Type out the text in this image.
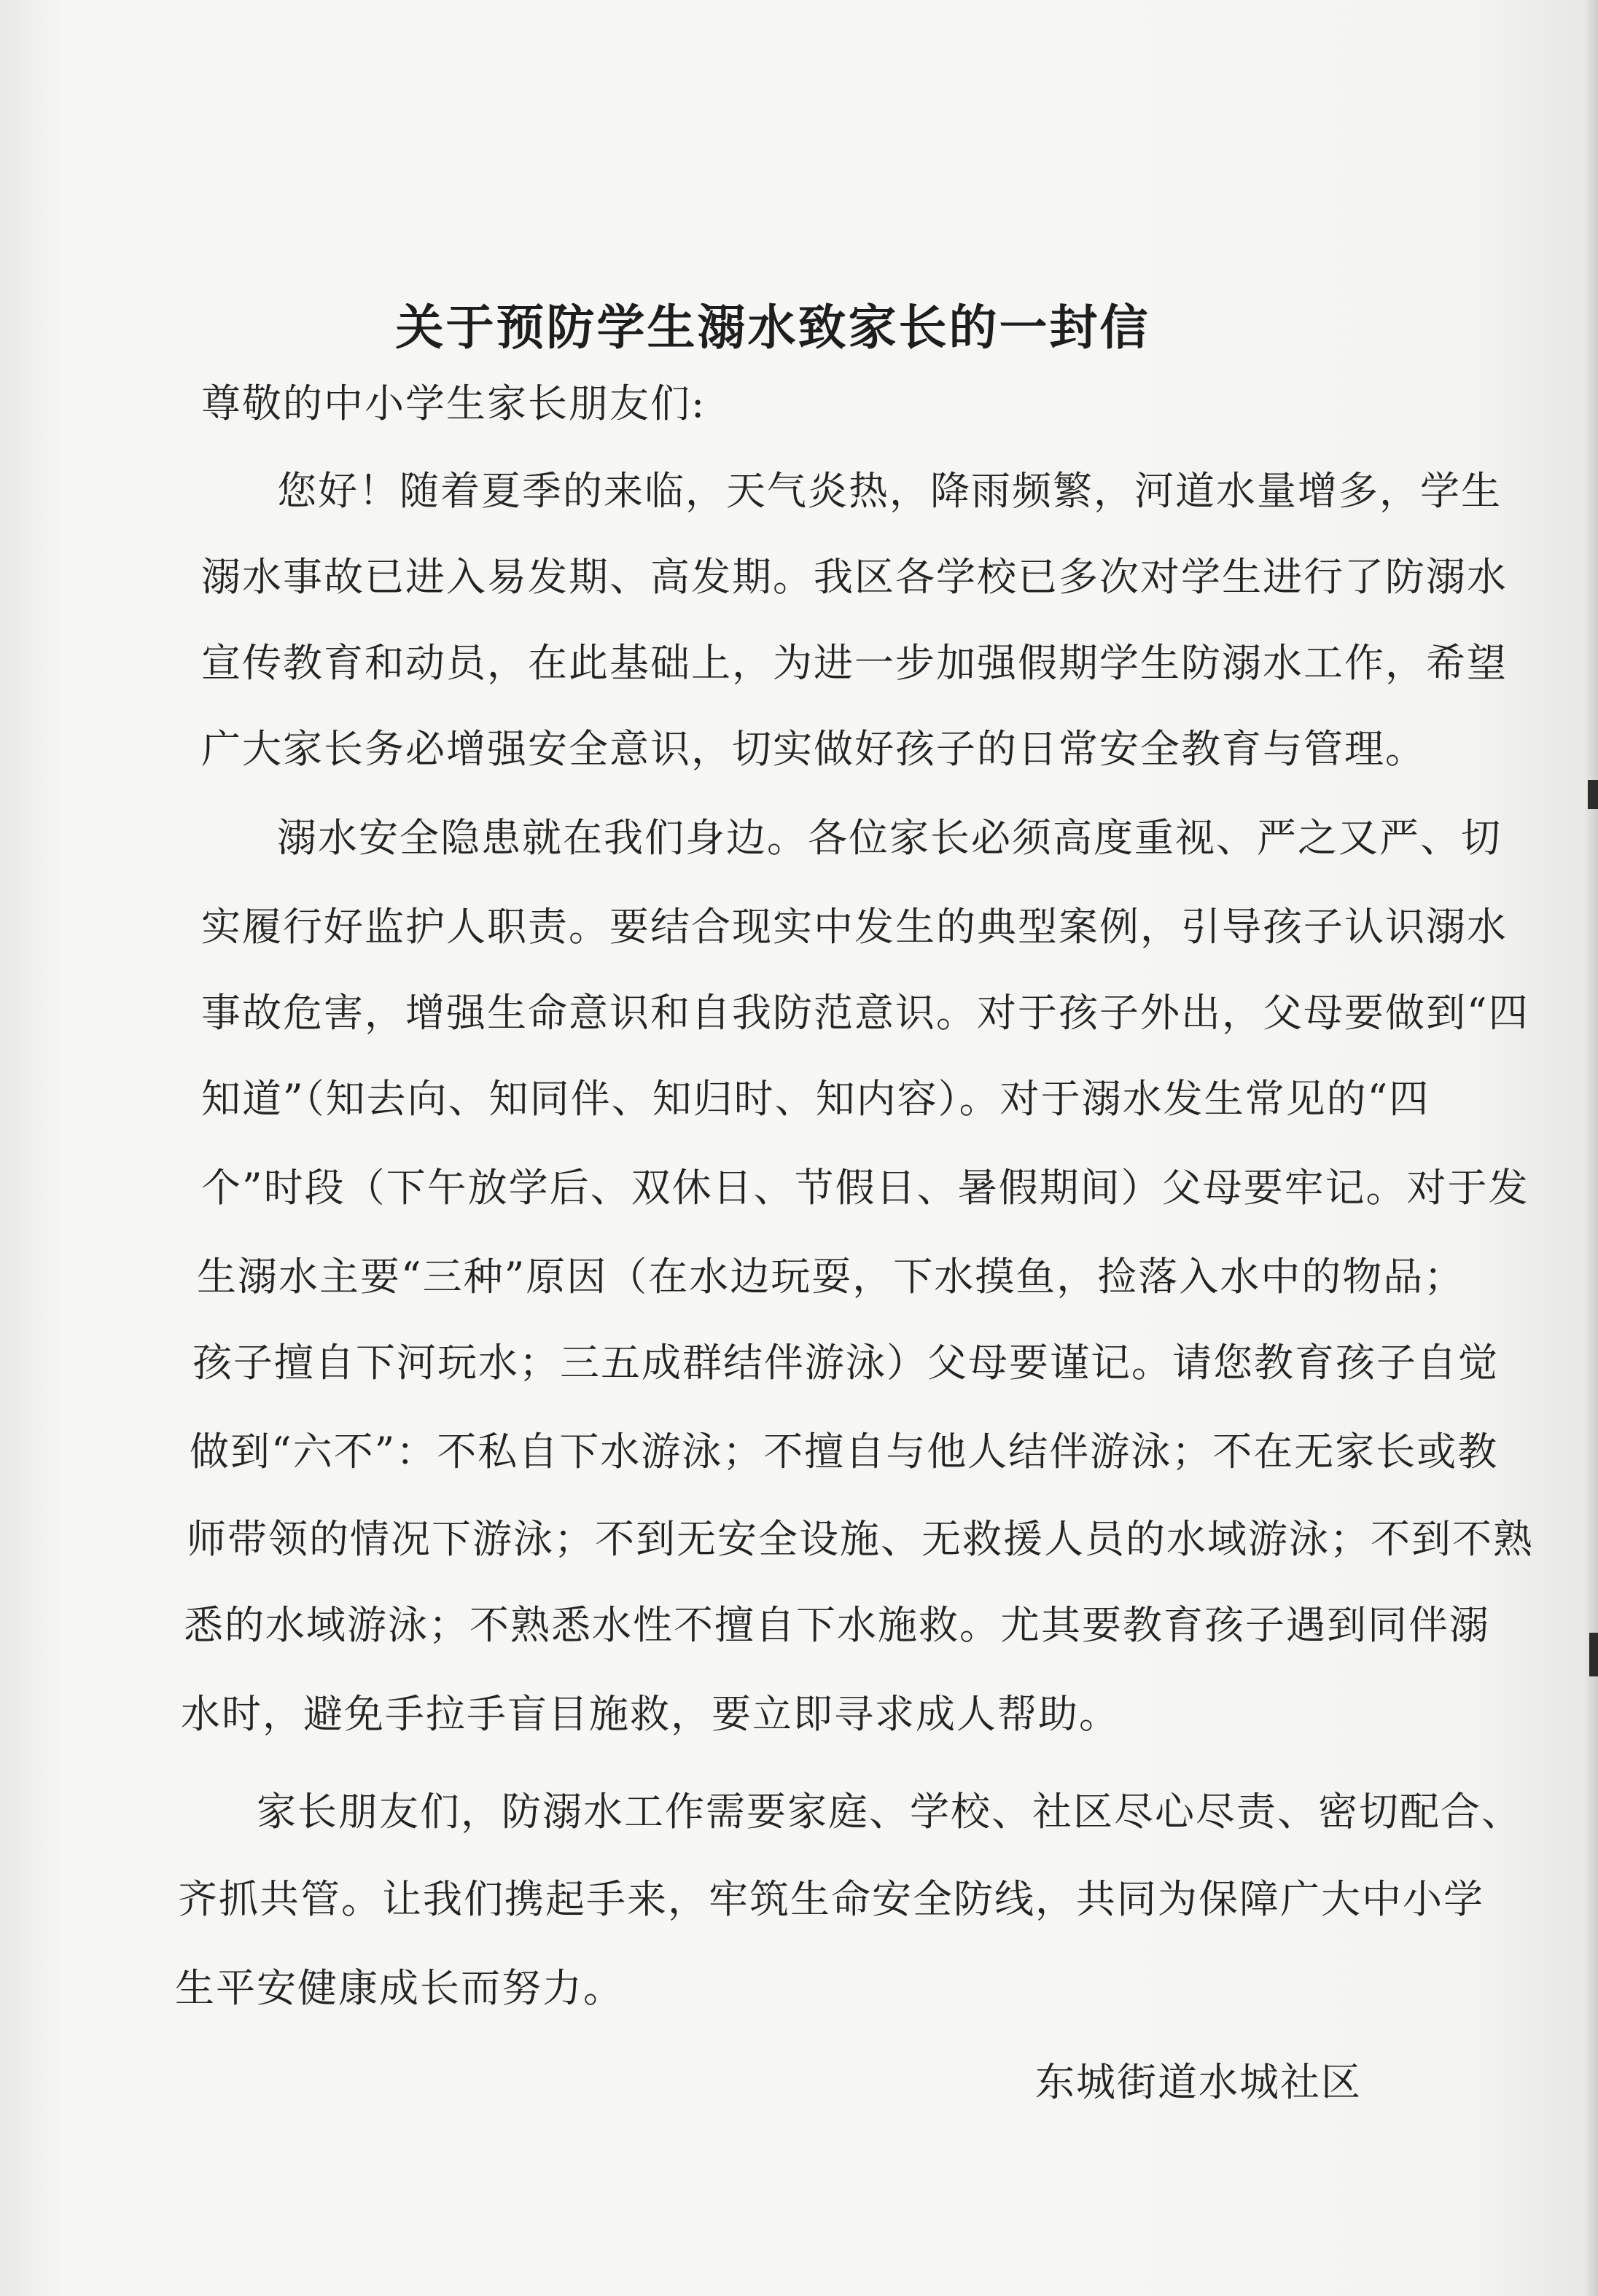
关于预防学生溺水致家长的一封信
尊敬的中小学生家长朋友们:
您好！随着夏季的来临，天气炎热，降雨频繁，河道水量增多，学生
溺水事故已进入易发期、高发期。我区各学校已多次对学生进行了防溺水
宣传教育和动员，在此基础上，为进一步加强假期学生防溺水工作，希望
广大家长务必增强安全意识，切实做好孩子的日常安全教育与管理。
溺水安全隐患就在我们身边。各位家长必须高度重视、严之又严、切
实履行好监护人职责。要结合现实中发生的典型案例，引导孩子认识溺水
事故危害，增强生命意识和自我防范意识。对于孩子外出，父母要做到“四
知道”（知去向、知同伴、知归时、知内容）。对于溺水发生常见的“四
个”时段（下午放学后、双休日、节假日、暑假期间）父母要牢记。对于发
生溺水主要“三种”原因（在水边玩耍，下水摸鱼，捡落入水中的物品；
孩子擅自下河玩水；三五成群结伴游泳）父母要谨记。请您教育孩子自觉
做到“六不”：不私自下水游泳；不擅自与他人结伴游泳；不在无家长或教
师带领的情况下游泳；不到无安全设施、无救援人员的水域游泳；不到不熟
悉的水域游泳；不熟悉水性不擅自下水施救。尤其要教育孩子遇到同伴溺
水时，避免手拉手盲目施救，要立即寻求成人帮助。
家长朋友们，防溺水工作需要家庭、学校、社区尽心尽责、密切配合、
齐抓共管。让我们携起手来，牢筑生命安全防线，共同为保障广大中小学
生平安健康成长而努力。
东城街道水城社区
